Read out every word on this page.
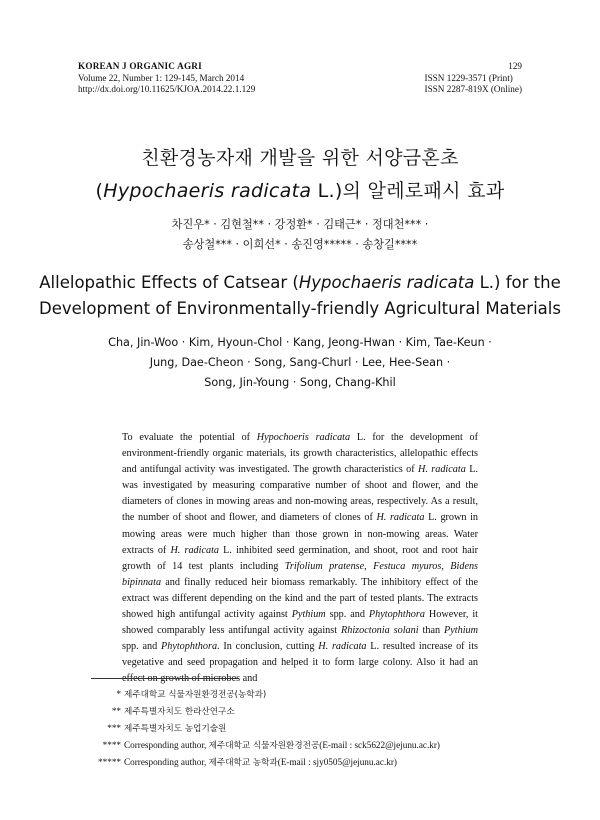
KOREAN J ORGANIC AGRI
Volume 22, Number 1: 129-145, March 2014
http://dx.doi.org/10.11625/KJOA.2014.22.1.129
129
ISSN 1229-3571 (Print)
ISSN 2287-819X (Online)
친환경농자재 개발을 위한 서양금혼초
(Hypochaeris radicata L.)의 알레로패시 효과
차진우* · 김현철** · 강정환* · 김태근* · 정대천*** ·
송상철*** · 이희선* · 송진영***** · 송창길****
Allelopathic Effects of Catsear (Hypochaeris radicata L.) for the
Development of Environmentally-friendly Agricultural Materials
Cha, Jin-Woo · Kim, Hyoun-Chol · Kang, Jeong-Hwan · Kim, Tae-Keun ·
Jung, Dae-Cheon · Song, Sang-Churl · Lee, Hee-Sean ·
Song, Jin-Young · Song, Chang-Khil

To evaluate the potential of Hypochoeris radicata L. for the development of environment-friendly organic materials, its growth characteristics, allelopathic effects and antifungal activity was investigated. The growth characteristics of H. radicata L. was investigated by measuring comparative number of shoot and flower, and the diameters of clones in mowing areas and non-mowing areas, respectively. As a result, the number of shoot and flower, and diameters of clones of H. radicata L. grown in mowing areas were much higher than those grown in non-mowing areas. Water extracts of H. radicata L. inhibited seed germination, and shoot, root and root hair growth of 14 test plants including Trifolium pratense, Festuca myuros, Bidens bipinnata and finally reduced heir biomass remarkably. The inhibitory effect of the extract was different depending on the kind and the part of tested plants. The extracts showed high antifungal activity against Pythium spp. and Phytophthora However, it showed comparably less antifungal activity against Rhizoctonia solani than Pythium spp. and Phytophthora. In conclusion, cutting H. radicata L. resulted increase of its vegetative and seed propagation and helped it to form large colony. Also it had an effect on growth of microbes and

* 제주대학교 식물자원환경전공(농학과)
** 제주특별자치도 한라산연구소
*** 제주특별자치도 농업기술원
**** Corresponding author, 제주대학교 식물자원환경전공(E-mail : sck5622@jejunu.ac.kr)
***** Corresponding author, 제주대학교 농학과(E-mail : sjy0505@jejunu.ac.kr)
